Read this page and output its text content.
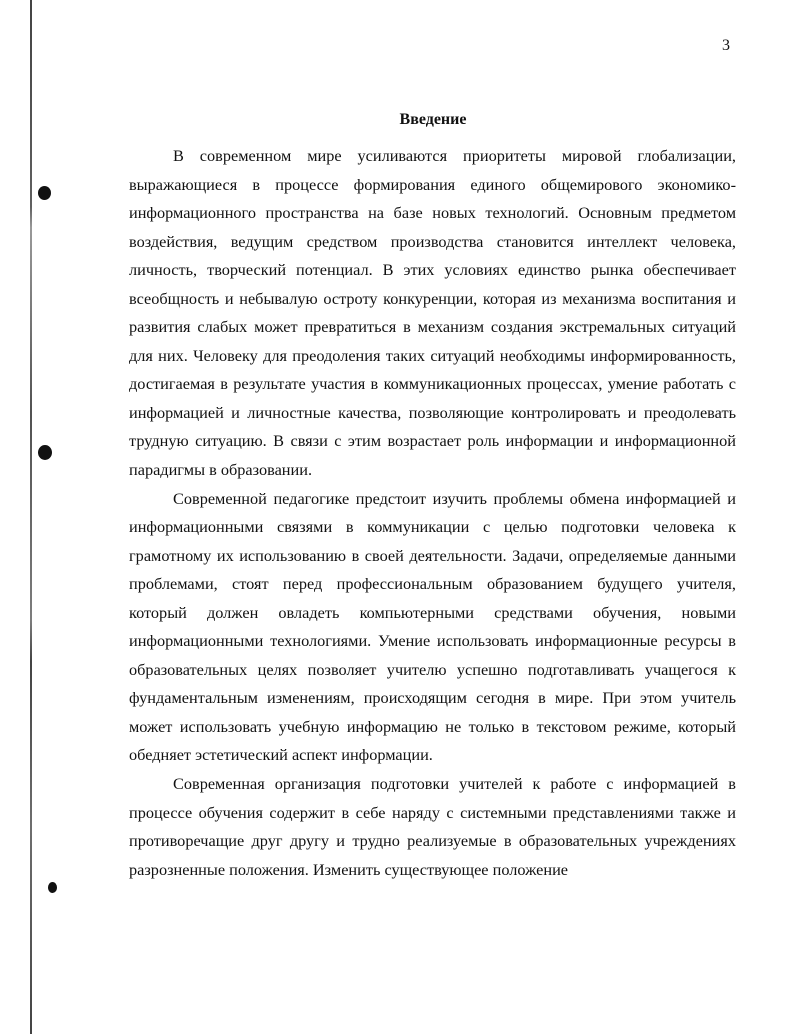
3
Введение

В современном мире усиливаются приоритеты мировой глобализации, выражающиеся в процессе формирования единого общемирового экономико-информационного пространства на базе новых технологий. Основным предметом воздействия, ведущим средством производства становится интеллект человека, личность, творческий потенциал. В этих условиях единство рынка обеспечивает всеобщность и небывалую остроту конкуренции, которая из механизма воспитания и развития слабых может превратиться в механизм создания экстремальных ситуаций для них. Человеку для преодоления таких ситуаций необходимы информированность, достигаемая в результате участия в коммуникационных процессах, умение работать с информацией и личностные качества, позволяющие контролировать и преодолевать трудную ситуацию. В связи с этим возрастает роль информации и информационной парадигмы в образовании.

Современной педагогике предстоит изучить проблемы обмена информацией и информационными связями в коммуникации с целью подготовки человека к грамотному их использованию в своей деятельности. Задачи, определяемые данными проблемами, стоят перед профессиональным образованием будущего учителя, который должен овладеть компьютерными средствами обучения, новыми информационными технологиями. Умение использовать информационные ресурсы в образовательных целях позволяет учителю успешно подготавливать учащегося к фундаментальным изменениям, происходящим сегодня в мире. При этом учитель может использовать учебную информацию не только в текстовом режиме, который обедняет эстетический аспект информации.

Современная организация подготовки учителей к работе с информацией в процессе обучения содержит в себе наряду с системными представлениями также и противоречащие друг другу и трудно реализуемые в образовательных учреждениях разрозненные положения. Изменить существующее положение
